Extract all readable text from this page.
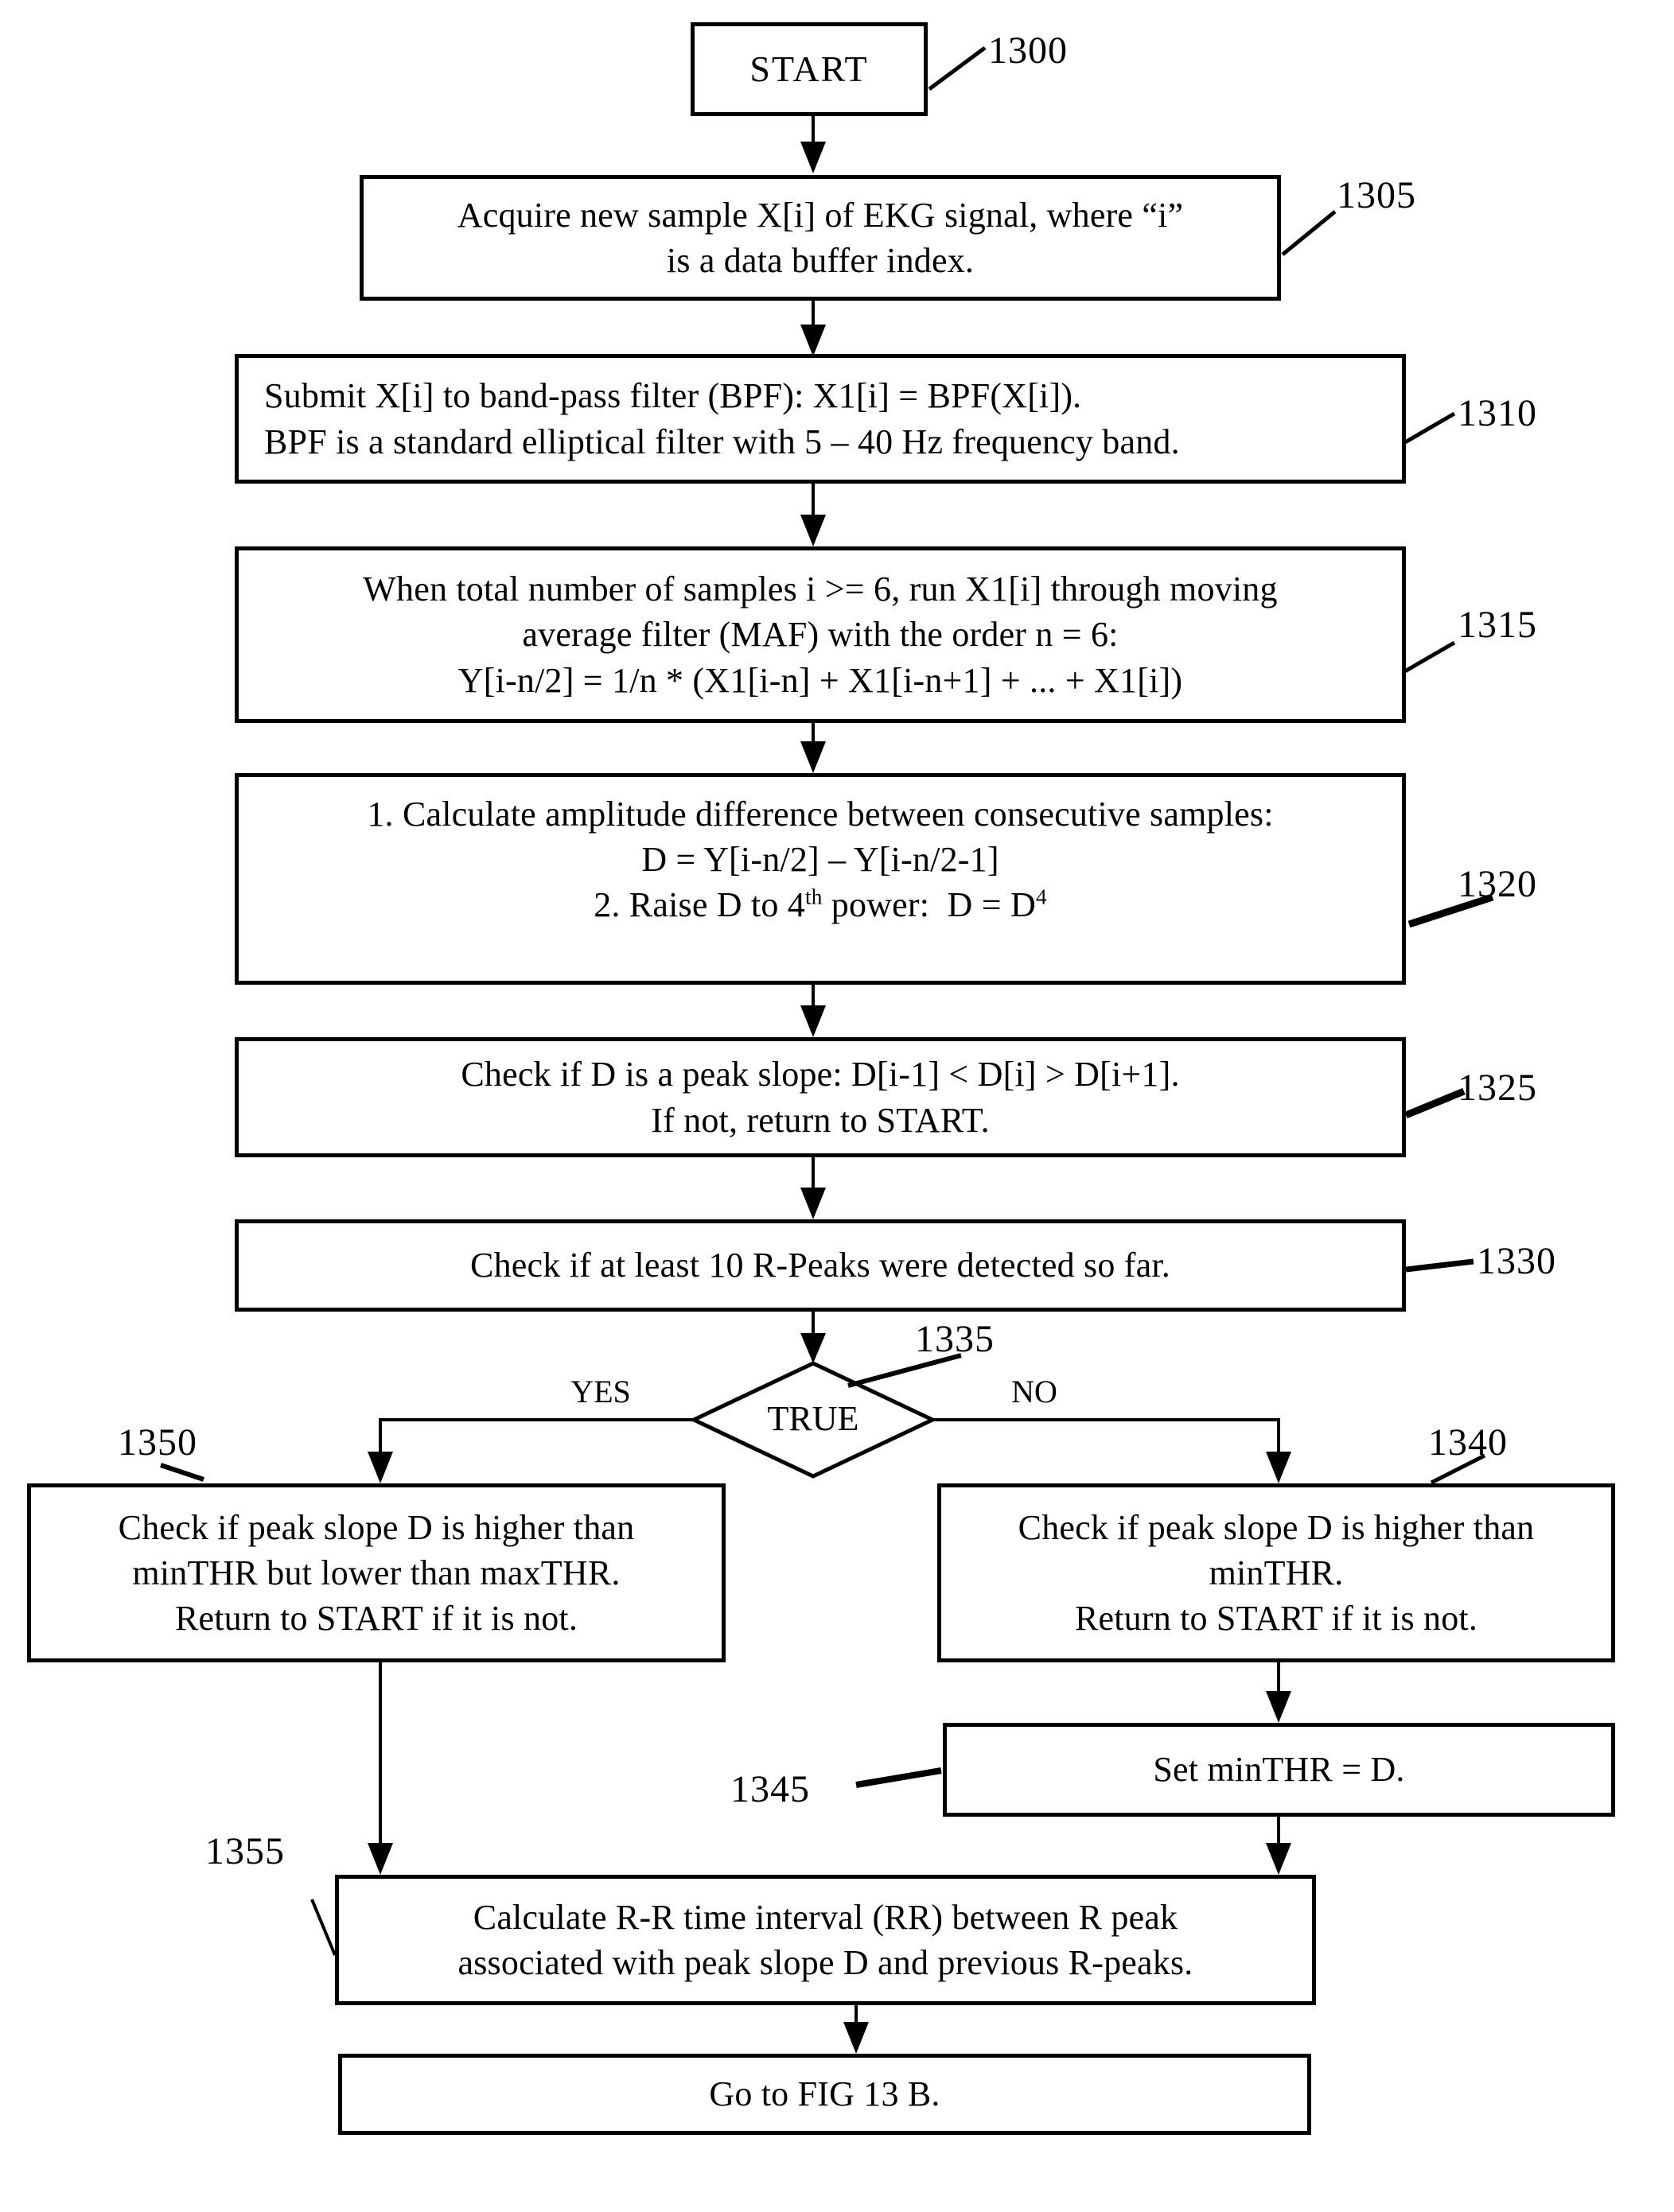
START
Acquire new sample X[i] of EKG signal, where “i”
is a data buffer index.
Submit X[i] to band-pass filter (BPF): X1[i] = BPF(X[i]).
BPF is a standard elliptical filter with 5 – 40 Hz frequency band.
When total number of samples i >= 6, run X1[i] through moving
average filter (MAF) with the order n = 6:
Y[i-n/2] = 1/n * (X1[i-n] + X1[i-n+1] + ... + X1[i])
1. Calculate amplitude difference between consecutive samples:
D = Y[i-n/2] – Y[i-n/2-1]
2. Raise D to 4th power:  $D = D^4$
Check if D is a peak slope: D[i-1] < D[i] > D[i+1].
If not, return to START.
Check if at least 10 R-Peaks were detected so far.
TRUE
YES	NO
Check if peak slope D is higher than
minTHR but lower than maxTHR.
Return to START if it is not.
Check if peak slope D is higher than
minTHR.
Return to START if it is not.
Set minTHR = D.
Calculate R-R time interval (RR) between R peak
associated with peak slope D and previous R-peaks.
Go to FIG 13 B.
1300
1305
1310
1315
1320
1325
1330
1335
1350	1340
1345
1355
